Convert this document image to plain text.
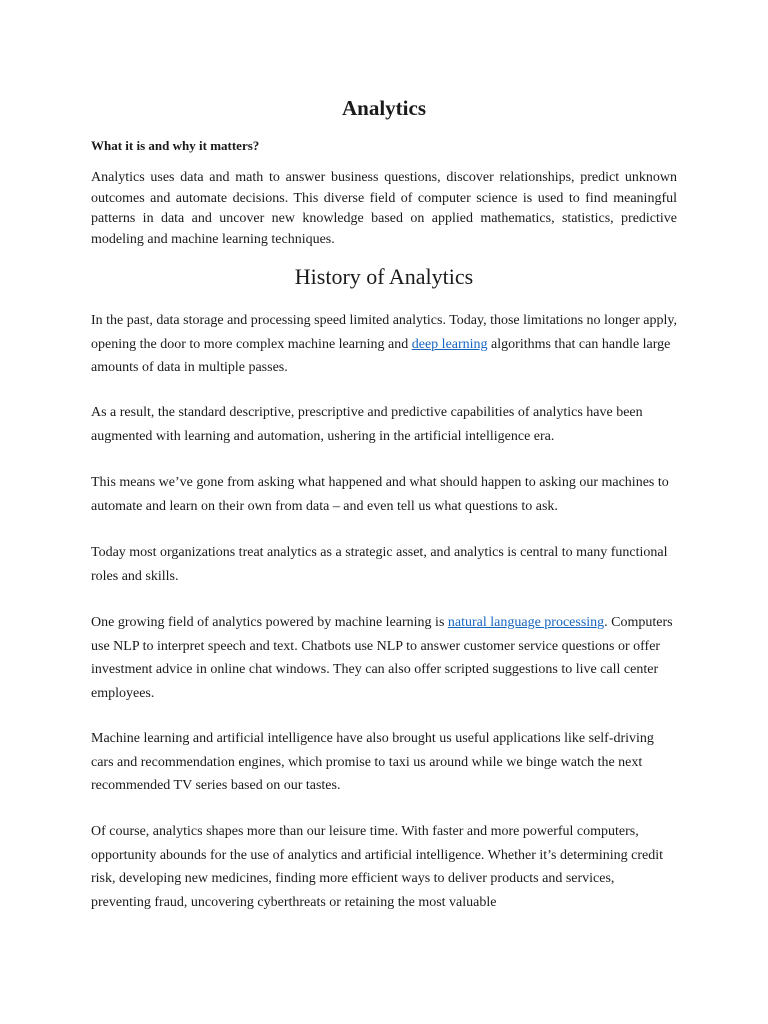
Analytics

What it is and why it matters?

Analytics uses data and math to answer business questions, discover relationships, predict unknown outcomes and automate decisions. This diverse field of computer science is used to find meaningful patterns in data and uncover new knowledge based on applied mathematics, statistics, predictive modeling and machine learning techniques.

History of Analytics

In the past, data storage and processing speed limited analytics. Today, those limitations no longer apply, opening the door to more complex machine learning and deep learning algorithms that can handle large amounts of data in multiple passes.

As a result, the standard descriptive, prescriptive and predictive capabilities of analytics have been augmented with learning and automation, ushering in the artificial intelligence era.

This means we’ve gone from asking what happened and what should happen to asking our machines to automate and learn on their own from data – and even tell us what questions to ask.

Today most organizations treat analytics as a strategic asset, and analytics is central to many functional roles and skills.

One growing field of analytics powered by machine learning is natural language processing. Computers use NLP to interpret speech and text. Chatbots use NLP to answer customer service questions or offer investment advice in online chat windows. They can also offer scripted suggestions to live call center employees.

Machine learning and artificial intelligence have also brought us useful applications like self-driving cars and recommendation engines, which promise to taxi us around while we binge watch the next recommended TV series based on our tastes.

Of course, analytics shapes more than our leisure time. With faster and more powerful computers, opportunity abounds for the use of analytics and artificial intelligence. Whether it’s determining credit risk, developing new medicines, finding more efficient ways to deliver products and services, preventing fraud, uncovering cyberthreats or retaining the most valuable
